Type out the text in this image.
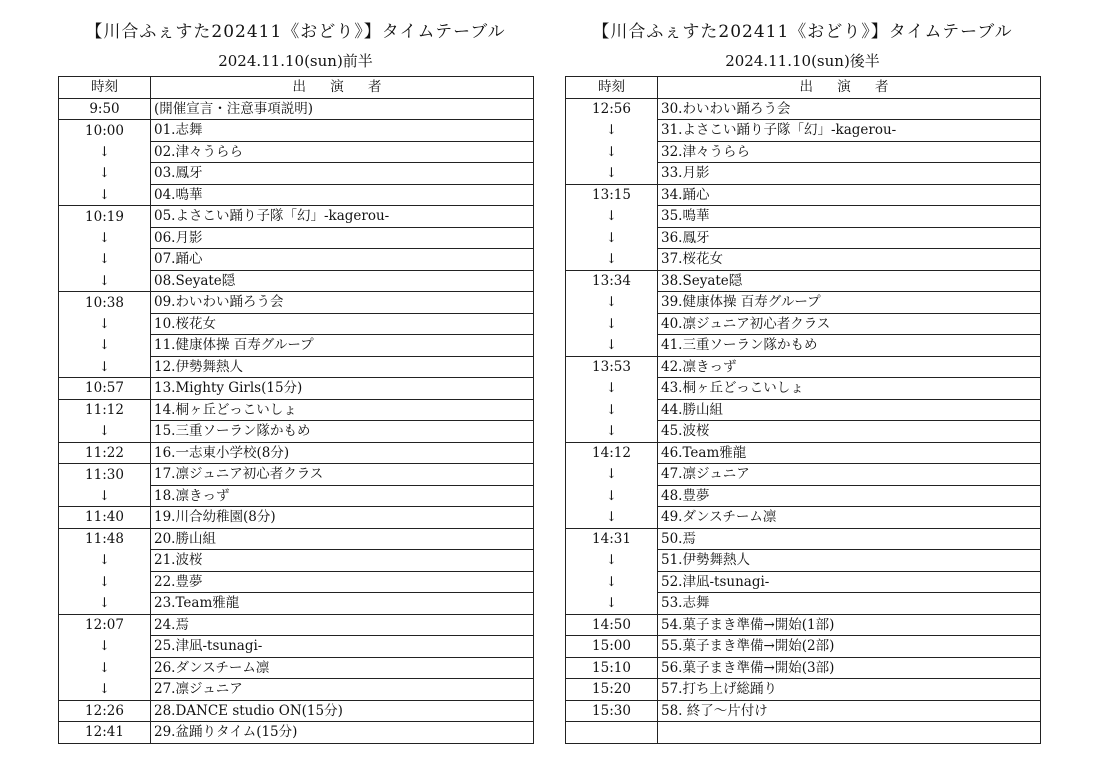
【川合ふぇすた202411《おどり》】タイムテーブル
2024.11.10(sun)前半
時刻	出 演 者
9:50	(開催宣言・注意事項説明)
10:00	01.志舞
↓	02.津々うらら
↓	03.鳳牙
↓	04.鳴華
10:19	05.よさこい踊り子隊「幻」-kagerou-
↓	06.月影
↓	07.踊心
↓	08.Seyate隠
10:38	09.わいわい踊ろう会
↓	10.桜花女
↓	11.健康体操 百寿グループ
↓	12.伊勢舞熱人
10:57	13.Mighty Girls(15分)
11:12	14.桐ヶ丘どっこいしょ
↓	15.三重ソーラン隊かもめ
11:22	16.一志東小学校(8分)
11:30	17.凛ジュニア初心者クラス
↓	18.凛きっず
11:40	19.川合幼稚園(8分)
11:48	20.勝山組
↓	21.波桜
↓	22.豊夢
↓	23.Team雅龍
12:07	24.焉
↓	25.津凪-tsunagi-
↓	26.ダンスチーム凛
↓	27.凛ジュニア
12:26	28.DANCE studio ON(15分)
12:41	29.盆踊りタイム(15分)
【川合ふぇすた202411《おどり》】タイムテーブル
2024.11.10(sun)後半
時刻	出 演 者
12:56	30.わいわい踊ろう会
↓	31.よさこい踊り子隊「幻」-kagerou-
↓	32.津々うらら
↓	33.月影
13:15	34.踊心
↓	35.鳴華
↓	36.鳳牙
↓	37.桜花女
13:34	38.Seyate隠
↓	39.健康体操 百寿グループ
↓	40.凛ジュニア初心者クラス
↓	41.三重ソーラン隊かもめ
13:53	42.凛きっず
↓	43.桐ヶ丘どっこいしょ
↓	44.勝山組
↓	45.波桜
14:12	46.Team雅龍
↓	47.凛ジュニア
↓	48.豊夢
↓	49.ダンスチーム凛
14:31	50.焉
↓	51.伊勢舞熱人
↓	52.津凪-tsunagi-
↓	53.志舞
14:50	54.菓子まき準備→開始(1部)
15:00	55.菓子まき準備→開始(2部)
15:10	56.菓子まき準備→開始(3部)
15:20	57.打ち上げ総踊り
15:30	58. 終了～片付け
